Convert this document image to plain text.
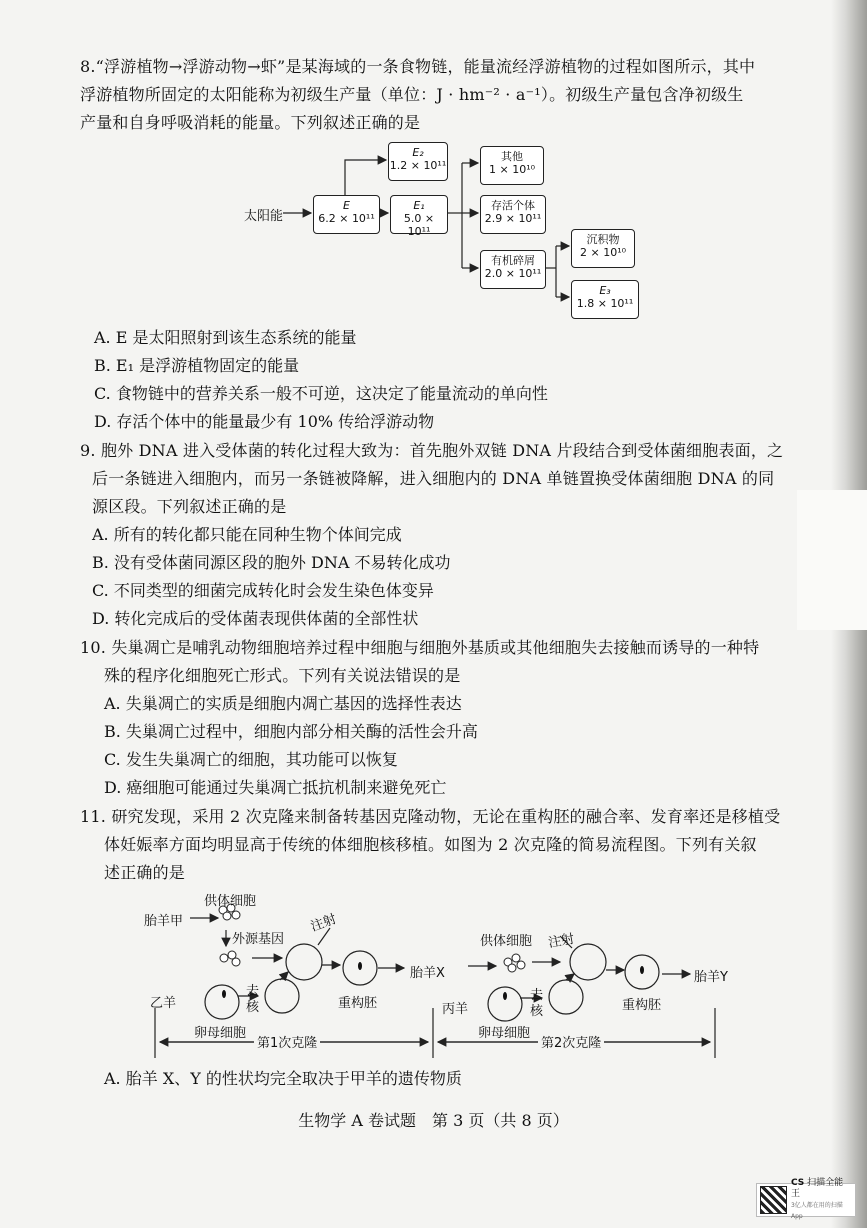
8.“浮游植物→浮游动物→虾”是某海域的一条食物链，能量流经浮游植物的过程如图所示，其中
浮游植物所固定的太阳能称为初级生产量（单位：J · hm⁻² · a⁻¹）。初级生产量包含净初级生
产量和自身呼吸消耗的能量。下列叙述正确的是
太阳能
E
6.2 × 10¹¹
E₁
5.0 × 10¹¹
E₂
1.2 × 10¹¹
其他
1 × 10¹⁰
存活个体
2.9 × 10¹¹
有机碎屑
2.0 × 10¹¹
沉积物
2 × 10¹⁰
E₃
1.8 × 10¹¹
A. E 是太阳照射到该生态系统的能量
B. E₁ 是浮游植物固定的能量
C. 食物链中的营养关系一般不可逆，这决定了能量流动的单向性
D. 存活个体中的能量最少有 10% 传给浮游动物
9. 胞外 DNA 进入受体菌的转化过程大致为：首先胞外双链 DNA 片段结合到受体菌细胞表面，之
后一条链进入细胞内，而另一条链被降解，进入细胞内的 DNA 单链置换受体菌细胞 DNA 的同
源区段。下列叙述正确的是
A. 所有的转化都只能在同种生物个体间完成
B. 没有受体菌同源区段的胞外 DNA 不易转化成功
C. 不同类型的细菌完成转化时会发生染色体变异
D. 转化完成后的受体菌表现供体菌的全部性状
10. 失巢凋亡是哺乳动物细胞培养过程中细胞与细胞外基质或其他细胞失去接触而诱导的一种特
殊的程序化细胞死亡形式。下列有关说法错误的是
A. 失巢凋亡的实质是细胞内凋亡基因的选择性表达
B. 失巢凋亡过程中，细胞内部分相关酶的活性会升高
C. 发生失巢凋亡的细胞，其功能可以恢复
D. 癌细胞可能通过失巢凋亡抵抗机制来避免死亡
11. 研究发现，采用 2 次克隆来制备转基因克隆动物，无论在重构胚的融合率、发育率还是移植受
体妊娠率方面均明显高于传统的体细胞核移植。如图为 2 次克隆的简易流程图。下列有关叙
述正确的是
胎羊甲
供体细胞
外源基因
注射
乙羊
去
核
卵母细胞
重构胚
胎羊X
供体细胞 注射
丙羊
去
核
卵母细胞
重构胚
胎羊Y
第1次克隆	第2次克隆
A. 胎羊 X、Y 的性状均完全取决于甲羊的遗传物质
生物学 A 卷试题　第 3 页（共 8 页）
CS 扫描全能王
3亿人都在用的扫描App
